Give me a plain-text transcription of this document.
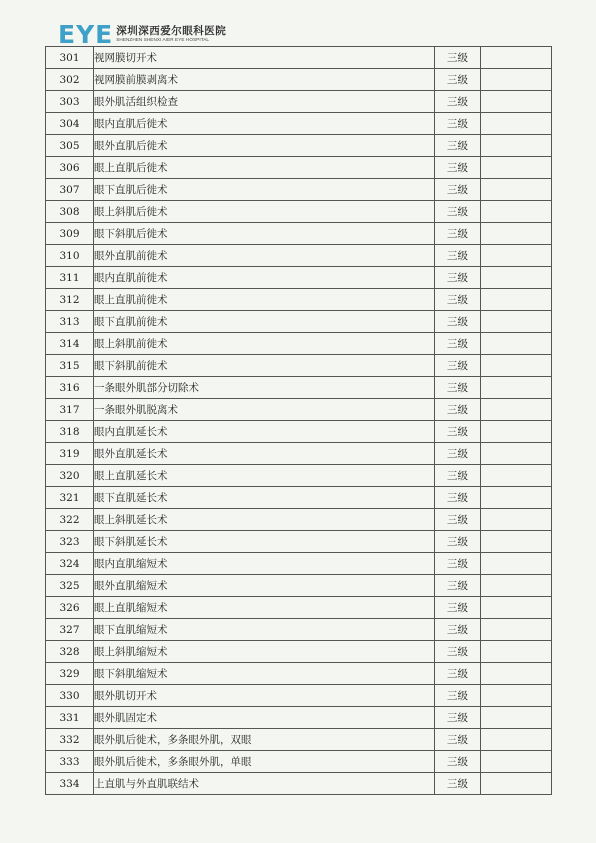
EYE 深圳深西爱尔眼科医院
SHENZHEN SHENXI AIER EYE HOSPITAL
301	视网膜切开术	三级	
302	视网膜前膜剥离术	三级	
303	眼外肌活组织检查	三级	
304	眼内直肌后徙术	三级	
305	眼外直肌后徙术	三级	
306	眼上直肌后徙术	三级	
307	眼下直肌后徙术	三级	
308	眼上斜肌后徙术	三级	
309	眼下斜肌后徙术	三级	
310	眼外直肌前徙术	三级	
311	眼内直肌前徙术	三级	
312	眼上直肌前徙术	三级	
313	眼下直肌前徙术	三级	
314	眼上斜肌前徙术	三级	
315	眼下斜肌前徙术	三级	
316	一条眼外肌部分切除术	三级	
317	一条眼外肌脱离术	三级	
318	眼内直肌延长术	三级	
319	眼外直肌延长术	三级	
320	眼上直肌延长术	三级	
321	眼下直肌延长术	三级	
322	眼上斜肌延长术	三级	
323	眼下斜肌延长术	三级	
324	眼内直肌缩短术	三级	
325	眼外直肌缩短术	三级	
326	眼上直肌缩短术	三级	
327	眼下直肌缩短术	三级	
328	眼上斜肌缩短术	三级	
329	眼下斜肌缩短术	三级	
330	眼外肌切开术	三级	
331	眼外肌固定术	三级	
332	眼外肌后徙术，多条眼外肌，双眼	三级	
333	眼外肌后徙术，多条眼外肌，单眼	三级	
334	上直肌与外直肌联结术	三级	
